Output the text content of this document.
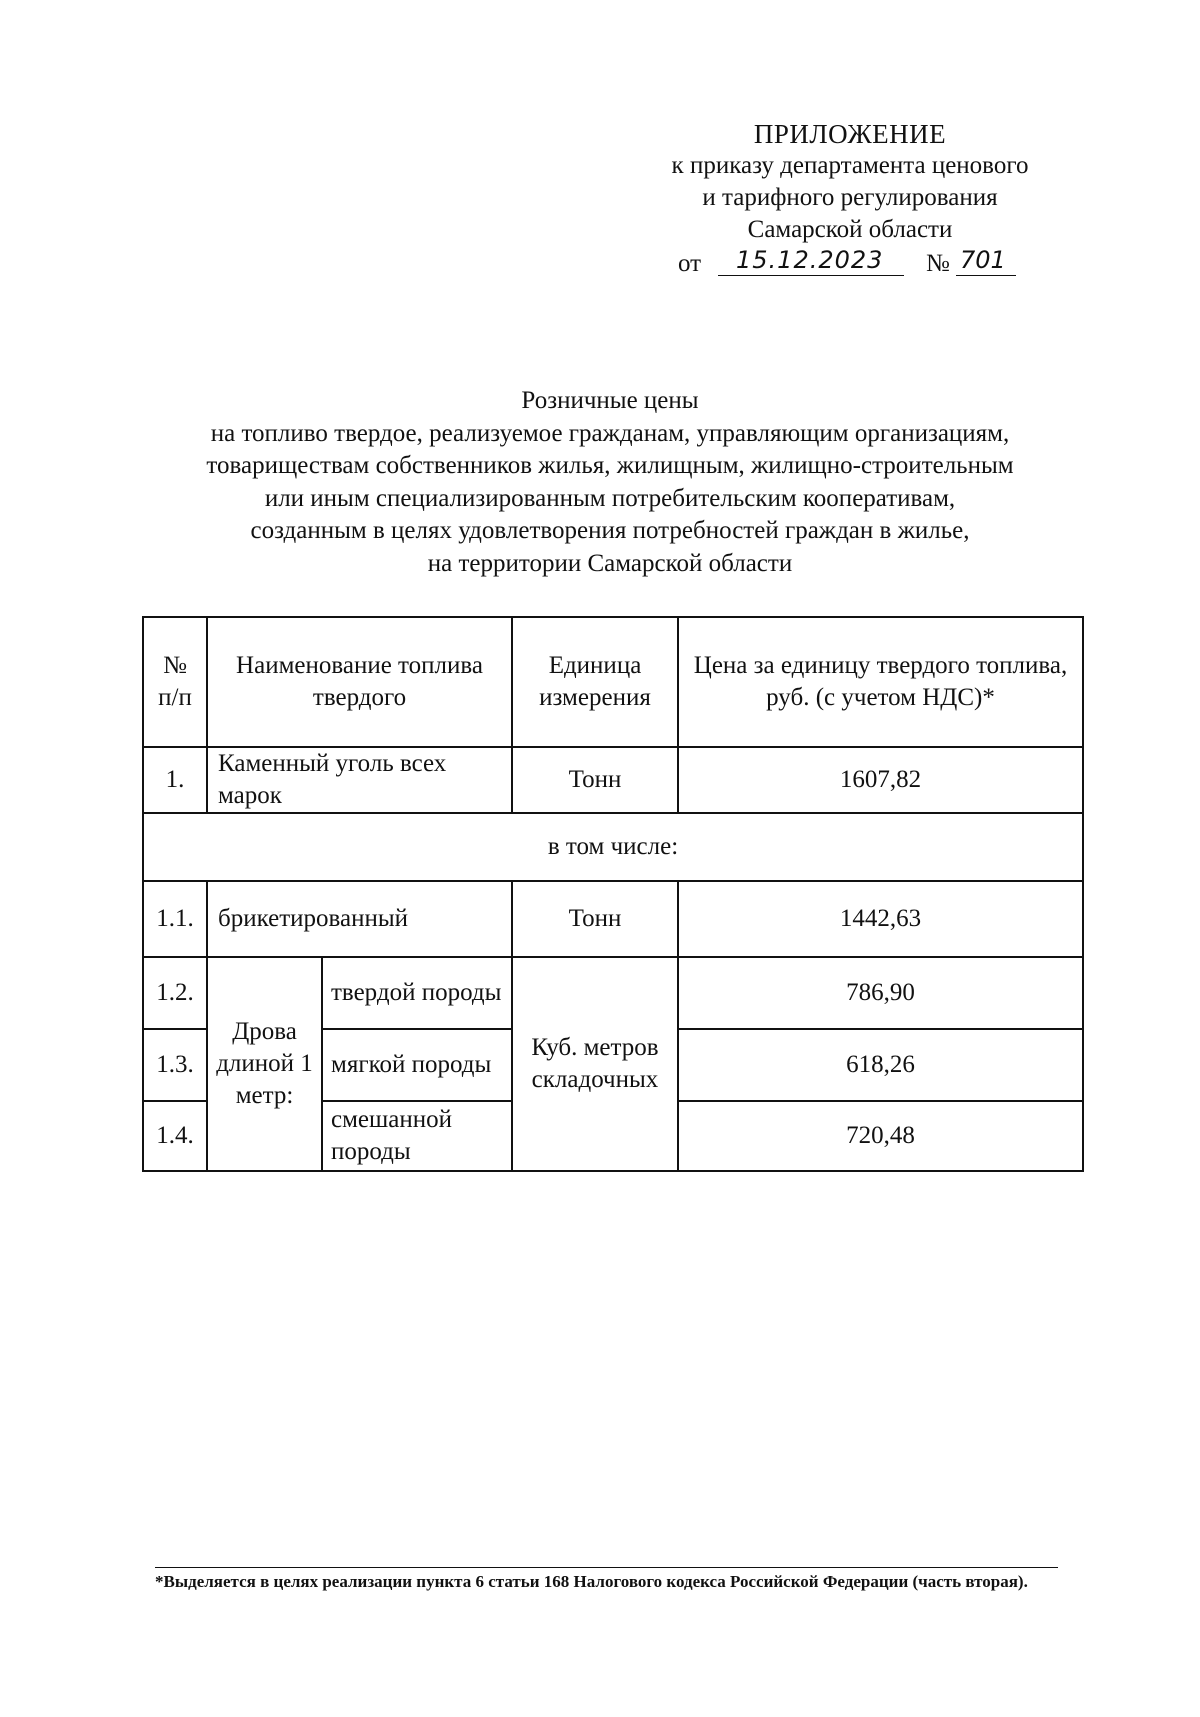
ПРИЛОЖЕНИЕ
к приказу департамента ценового
и тарифного регулирования
Самарской области
от	15.12.2023	№ 701
Розничные цены
на топливо твердое, реализуемое гражданам, управляющим организациям,
товариществам собственников жилья, жилищным, жилищно-строительным
или иным специализированным потребительским кооперативам,
созданным в целях удовлетворения потребностей граждан в жилье,
на территории Самарской области
№ п/п	Наименование топлива твердого		Единица измерения	Цена за единицу твердого топлива, руб. (с учетом НДС)*
1.	Каменный уголь всех марок		Тонн	1607,82
в том числе:				
1.1.	брикетированный		Тонн	1442,63
1.2.	Дрова длиной 1 метр:	твердой породы	Куб. метров складочных	786,90
1.3.		мягкой породы		618,26
1.4.		смешанной породы		720,48
*Выделяется в целях реализации пункта 6 статьи 168 Налогового кодекса Российской Федерации (часть вторая).
